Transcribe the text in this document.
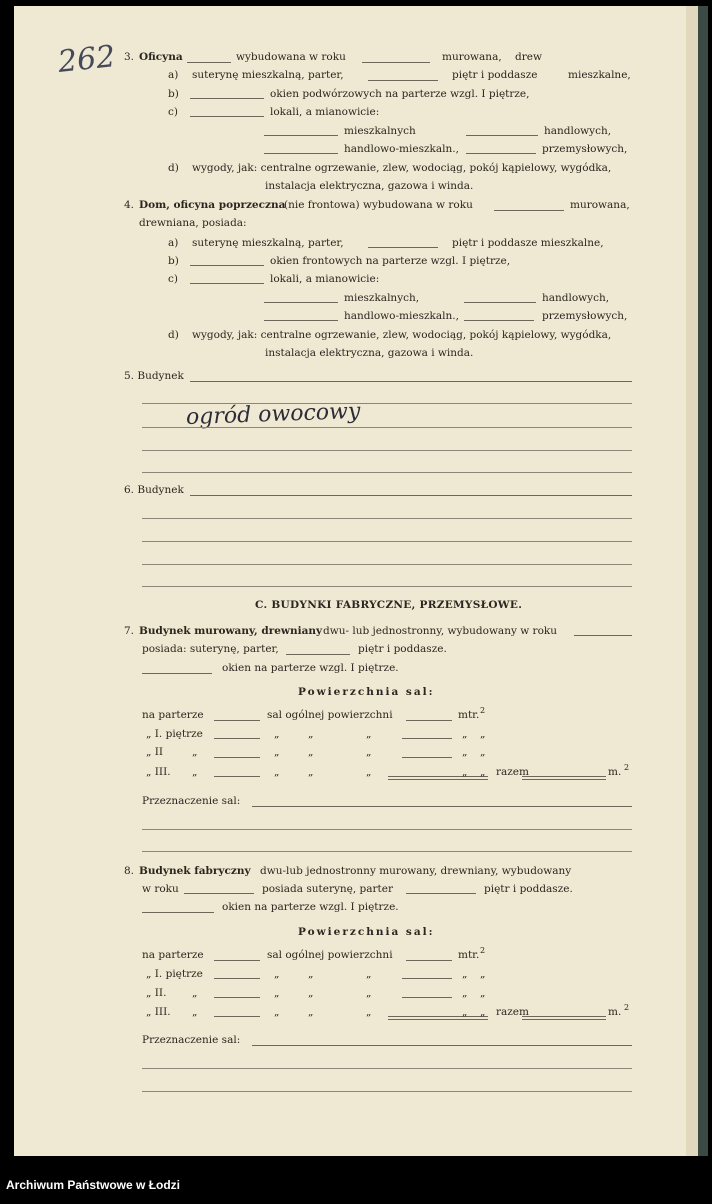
262 3. Oficyna	wybudowana w roku	murowana, drew
a) suterynę mieszkalną, parter,	piętr i poddasze	mieszkalne,
b)	okien podwórzowych na parterze wzgl. I piętrze,
c)	lokali, a mianowicie:
mieszkalnych	handlowych,
handlowo-mieszkaln.,	przemysłowych,
d) wygody, jak: centralne ogrzewanie, zlew, wodociąg, pokój kąpielowy, wygódka,
instalacja elektryczna, gazowa i winda.
4. Dom, oficyna poprzeczna
(nie frontowa) wybudowana w roku	murowana,
drewniana, posiada:
a) suterynę mieszkalną, parter,	piętr i poddasze mieszkalne,
b)	okien frontowych na parterze wzgl. I piętrze,
c)	lokali, a mianowicie:
mieszkalnych,	handlowych,
handlowo-mieszkaln.,	przemysłowych,
d) wygody, jak: centralne ogrzewanie, zlew, wodociąg, pokój kąpielowy, wygódka,
instalacja elektryczna, gazowa i winda.
5. Budynek
ogród owocowy
6. Budynek
C. BUDYNKI FABRYCZNE, PRZEMYSŁOWE.
7. Budynek murowany, drewniany dwu- lub jednostronny, wybudowany w roku
posiada: suterynę, parter,	piętr i poddasze.
okien na parterze wzgl. I piętrze.
Powierzchnia sal:
na parterze	sal ogólnej powierzchni	mtr. 2
„ I. piętrze	„	„	„	„ „
„ II	„	„	„	„	„ „
„ III. „	„	„	„	„ „ razem	m. 2
Przeznaczenie sal:
8. Budynek fabryczny dwu-lub jednostronny murowany, drewniany, wybudowany
w roku	posiada suterynę, parter	piętr i poddasze.
okien na parterze wzgl. I piętrze.
Powierzchnia sal:
na parterze	sal ogólnej powierzchni	mtr. 2
„ I. piętrze	„	„	„	„ „
„ II. „	„	„	„	„ „
„ III. „	„	„	„	„ „ razem	m. 2
Przeznaczenie sal:
Archiwum Państwowe w Łodzi
